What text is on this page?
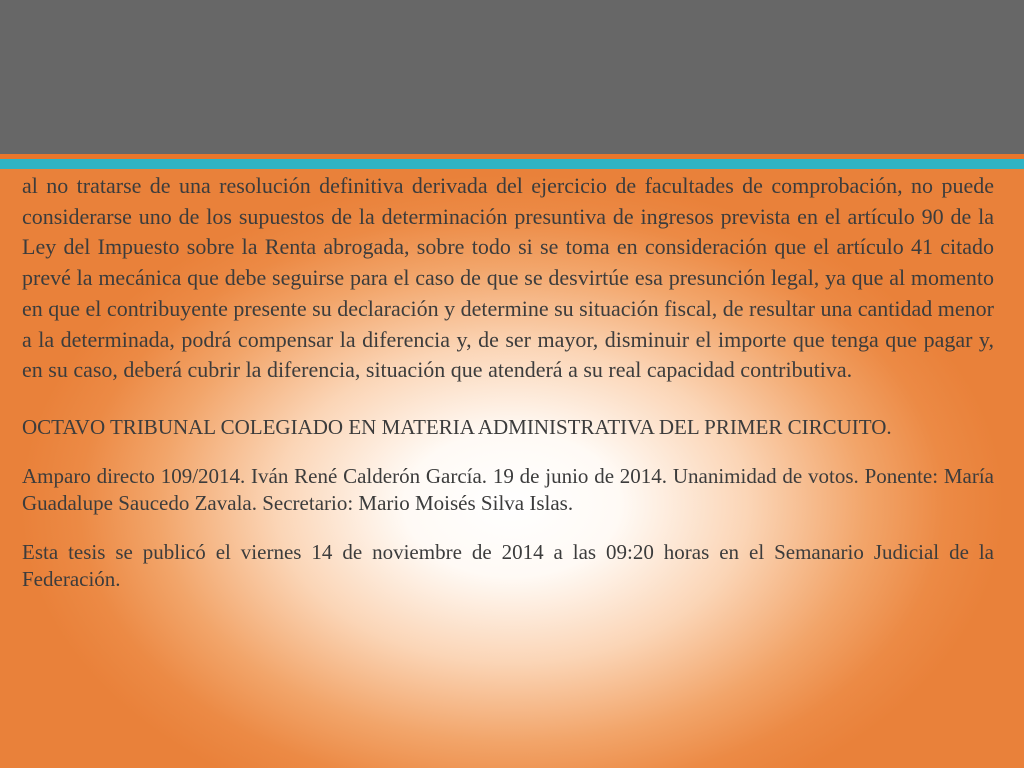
al no tratarse de una resolución definitiva derivada del ejercicio de facultades de comprobación, no puede considerarse uno de los supuestos de la determinación presuntiva de ingresos prevista en el artículo 90 de la Ley del Impuesto sobre la Renta abrogada, sobre todo si se toma en consideración que el artículo 41 citado prevé la mecánica que debe seguirse para el caso de que se desvirtúe esa presunción legal, ya que al momento en que el contribuyente presente su declaración y determine su situación fiscal, de resultar una cantidad menor a la determinada, podrá compensar la diferencia y, de ser mayor, disminuir el importe que tenga que pagar y, en su caso, deberá cubrir la diferencia, situación que atenderá a su real capacidad contributiva.

OCTAVO TRIBUNAL COLEGIADO EN MATERIA ADMINISTRATIVA DEL PRIMER CIRCUITO.

Amparo directo 109/2014. Iván René Calderón García. 19 de junio de 2014. Unanimidad de votos. Ponente: María Guadalupe Saucedo Zavala. Secretario: Mario Moisés Silva Islas.

Esta tesis se publicó el viernes 14 de noviembre de 2014 a las 09:20 horas en el Semanario Judicial de la Federación.
